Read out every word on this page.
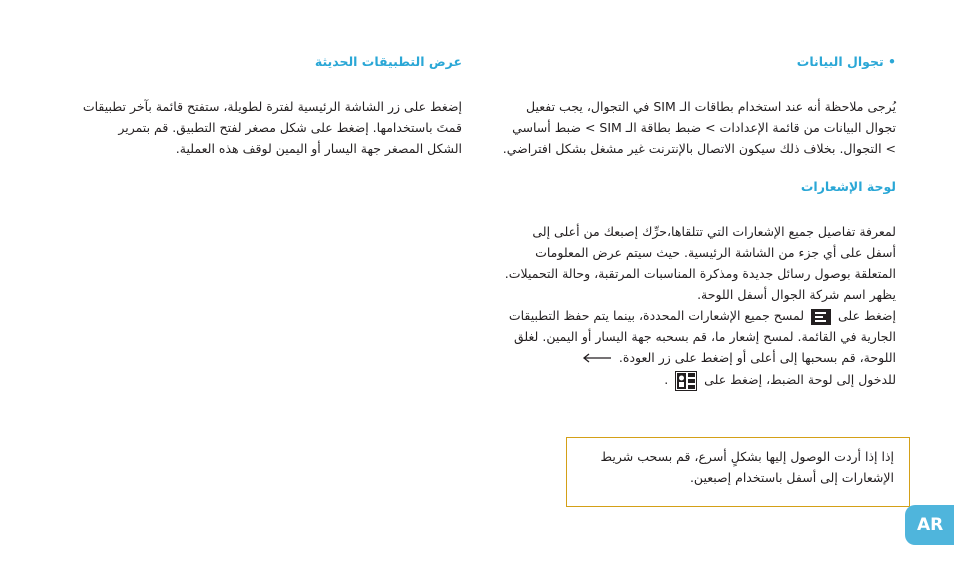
• تجوال البيانات

يُرجى ملاحظة أنه عند استخدام بطاقات الـ SIM في التجوال، يجب تفعيل تجوال البيانات من قائمة الإعدادات > ضبط بطاقة الـ SIM > ضبط أساسي > التجوال. بخلاف ذلك سيكون الاتصال بالإنترنت غير مشغل بشكل افتراضي.

لوحة الإشعارات

لمعرفة تفاصيل جميع الإشعارات التي تتلقاها،حرِّك إصبعك من أعلى إلى أسفل على أي جزء من الشاشة الرئيسية. حيث سيتم عرض المعلومات المتعلقة بوصول رسائل جديدة ومذكرة المناسبات المرتقبة، وحالة التحميلات. يظهر اسم شركة الجوال أسفل اللوحة.

إضغط على  لمسح جميع الإشعارات المحددة، بينما يتم حفظ التطبيقات الجارية في القائمة. لمسح إشعار ما، قم بسحبه جهة اليسار أو اليمين. لغلق اللوحة، قم بسحبها إلى أعلى أو إضغط على زر العودة.

للدخول إلى لوحة الضبط، إضغط على  .

عرض التطبيقات الحديثة

إضغط على زر الشاشة الرئيسية لفترة لطويلة، ستفتح قائمة بآخر تطبيقات قمتَ باستخدامها. إضغط على شكل مصغر لفتح التطبيق. قم بتمرير الشكل المصغر جهة اليسار أو اليمين لوقف هذه العملية.

إذا إذا أردت الوصول إليها بشكلٍ أسرع، قم بسحب شريط الإشعارات إلى أسفل باستخدام إصبعين.
AR
